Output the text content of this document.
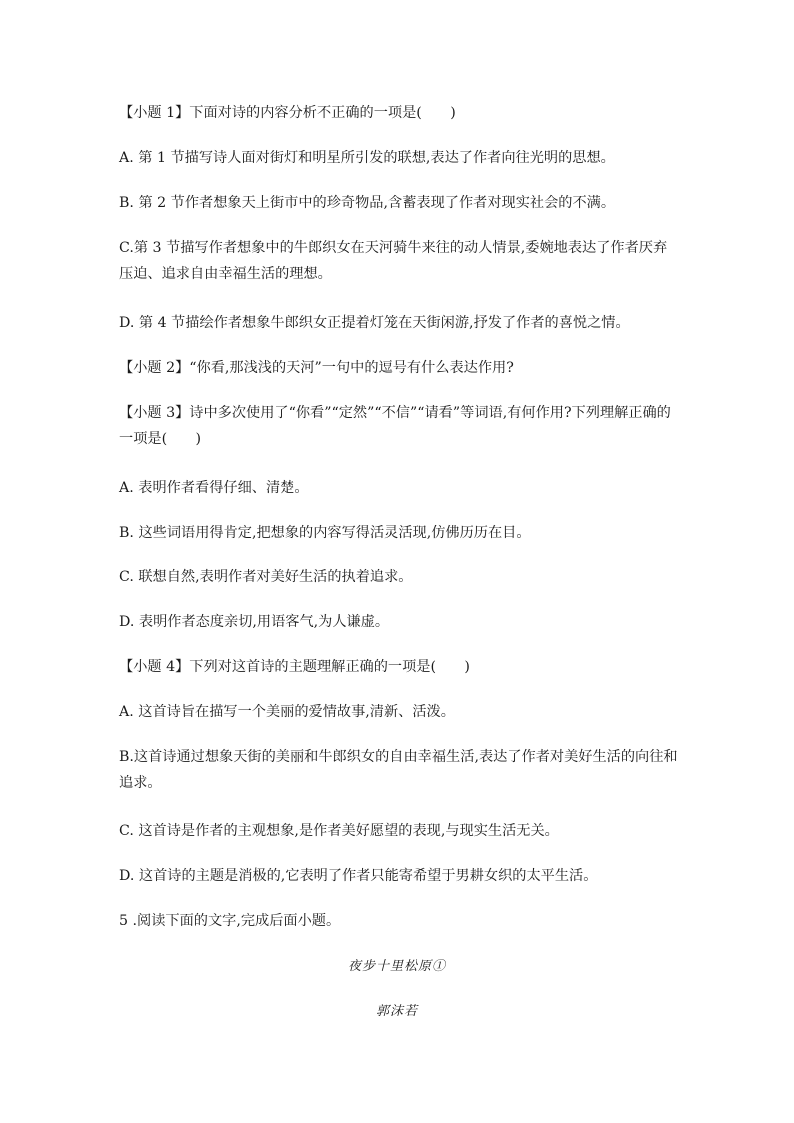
【小题 1】下面对诗的内容分析不正确的一项是(　　)
A. 第 1 节描写诗人面对街灯和明星所引发的联想,表达了作者向往光明的思想。
B. 第 2 节作者想象天上街市中的珍奇物品,含蓄表现了作者对现实社会的不满。
C.第 3 节描写作者想象中的牛郎织女在天河骑牛来往的动人情景,委婉地表达了作者厌弃压迫、追求自由幸福生活的理想。
D. 第 4 节描绘作者想象牛郎织女正提着灯笼在天街闲游,抒发了作者的喜悦之情。
【小题 2】“你看,那浅浅的天河”一句中的逗号有什么表达作用?
【小题 3】诗中多次使用了“你看”“定然”“不信”“请看”等词语,有何作用?下列理解正确的一项是(　　)
A. 表明作者看得仔细、清楚。
B. 这些词语用得肯定,把想象的内容写得活灵活现,仿佛历历在目。
C. 联想自然,表明作者对美好生活的执着追求。
D. 表明作者态度亲切,用语客气,为人谦虚。
【小题 4】下列对这首诗的主题理解正确的一项是(　　)
A. 这首诗旨在描写一个美丽的爱情故事,清新、活泼。
B.这首诗通过想象天街的美丽和牛郎织女的自由幸福生活,表达了作者对美好生活的向往和追求。
C. 这首诗是作者的主观想象,是作者美好愿望的表现,与现实生活无关。
D. 这首诗的主题是消极的,它表明了作者只能寄希望于男耕女织的太平生活。
5 .阅读下面的文字,完成后面小题。
夜步十里松原①
郭沫若
